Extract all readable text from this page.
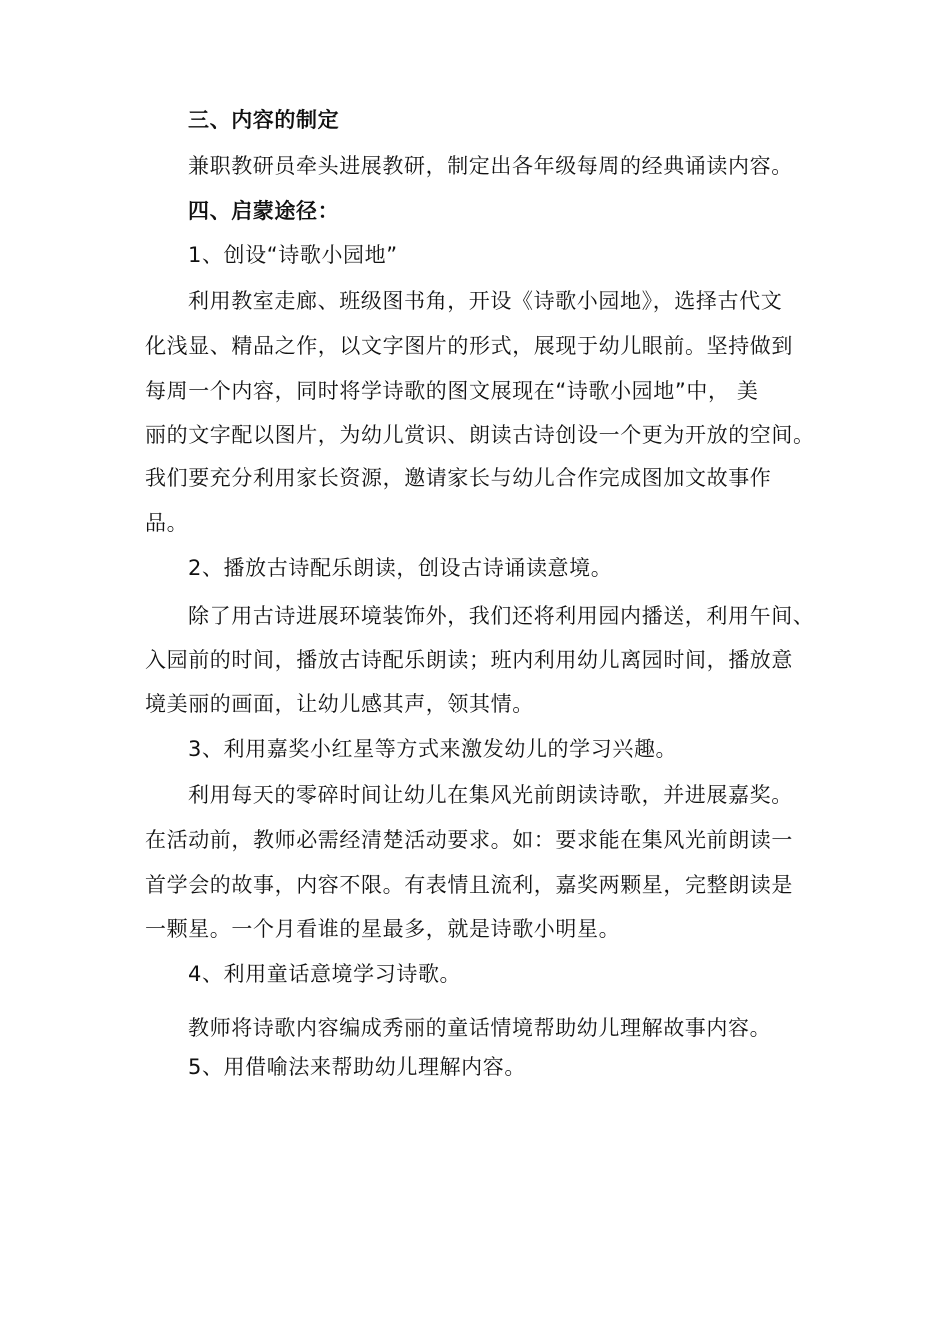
三、内容的制定
兼职教研员牵头进展教研，制定出各年级每周的经典诵读内容。
四、启蒙途径：
1、创设“诗歌小园地”
利用教室走廊、班级图书角，开设《诗歌小园地》，选择古代文
化浅显、精品之作，以文字图片的形式，展现于幼儿眼前。坚持做到
每周一个内容，同时将学诗歌的图文展现在“诗歌小园地”中， 美
丽的文字配以图片，为幼儿赏识、朗读古诗创设一个更为开放的空间。
我们要充分利用家长资源，邀请家长与幼儿合作完成图加文故事作
品。
2、播放古诗配乐朗读，创设古诗诵读意境。
除了用古诗进展环境装饰外，我们还将利用园内播送，利用午间、
入园前的时间，播放古诗配乐朗读；班内利用幼儿离园时间，播放意
境美丽的画面，让幼儿感其声，领其情。
3、利用嘉奖小红星等方式来激发幼儿的学习兴趣。
利用每天的零碎时间让幼儿在集风光前朗读诗歌，并进展嘉奖。
在活动前，教师必需经清楚活动要求。如：要求能在集风光前朗读一
首学会的故事，内容不限。有表情且流利，嘉奖两颗星，完整朗读是
一颗星。一个月看谁的星最多，就是诗歌小明星。
4、利用童话意境学习诗歌。
教师将诗歌内容编成秀丽的童话情境帮助幼儿理解故事内容。
5、用借喻法来帮助幼儿理解内容。
